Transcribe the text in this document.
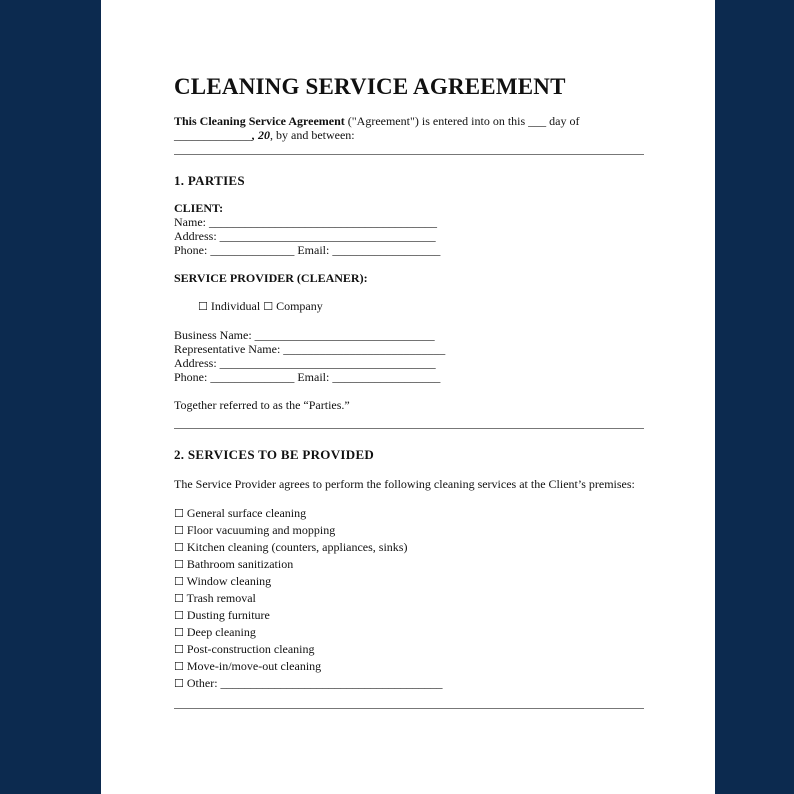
CLEANING SERVICE AGREEMENT
This Cleaning Service Agreement ("Agreement") is entered into on this ___ day of
_____________, 20, by and between:
1. PARTIES
CLIENT:
Name: ______________________________________
Address: ____________________________________
Phone: ______________ Email: __________________
SERVICE PROVIDER (CLEANER):

☐ Individual ☐ Company

Business Name: ______________________________
Representative Name: ___________________________
Address: ____________________________________
Phone: ______________ Email: __________________
Together referred to as the “Parties.”
2. SERVICES TO BE PROVIDED
The Service Provider agrees to perform the following cleaning services at the Client’s premises:
☐ General surface cleaning
☐ Floor vacuuming and mopping
☐ Kitchen cleaning (counters, appliances, sinks)
☐ Bathroom sanitization
☐ Window cleaning
☐ Trash removal
☐ Dusting furniture
☐ Deep cleaning
☐ Post-construction cleaning
☐ Move-in/move-out cleaning
☐ Other: _____________________________________
